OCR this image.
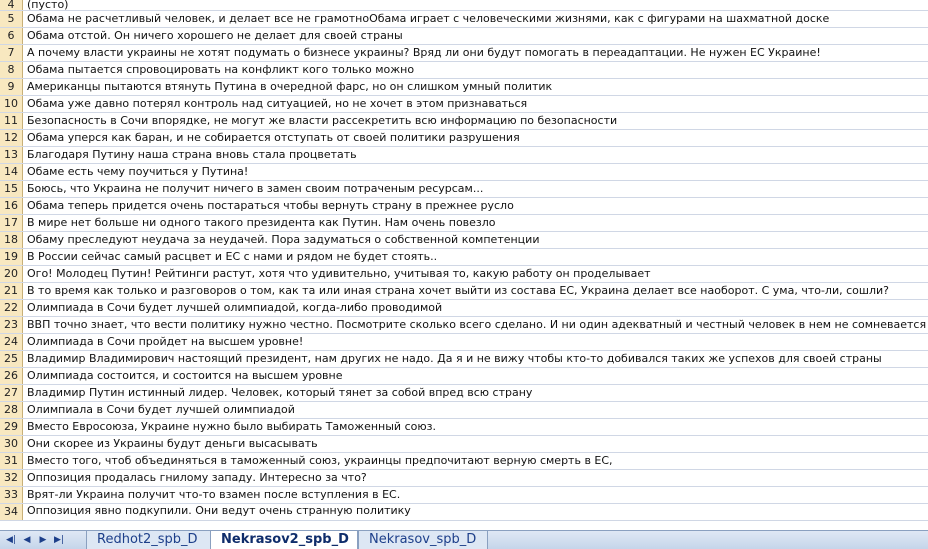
4	(пусто)
5	Обама не расчетливый человек, и делает все не грамотноОбама играет с человеческими жизнями, как с фигурами на шахматной доске
6	Обама отстой. Он ничего хорошего не делает для своей страны
7	А почему власти украины не хотят подумать о бизнесе украины? Вряд ли они будут помогать в переадаптации. Не нужен ЕС Украине!
8	Обама пытается спровоцировать на конфликт кого только можно
9	Американцы пытаются втянуть Путина в очередной фарс, но он слишком умный политик
10 Обама уже давно потерял контроль над ситуацией, но не хочет в этом признаваться
11 Безопасноcть в Сочи впорядке, не могут же власти рассекретить всю информацию по безопасности
12 Обама уперся как баран, и не собирается отступать от своей политики разрушения
13 Благодаря Путину наша страна вновь стала процветать
14 Обаме есть чему поучиться у Путина!
15 Боюсь, что Украина не получит ничего в замен своим потраченым ресурсам...
16 Обама теперь придется очень постараться чтобы вернуть страну в прежнее русло
17 В мире нет больше ни одного такого президента как Путин. Нам очень повезло
18 Обаму преследуют неудача за неудачей. Пора задуматься о собственной компетенции
19 В России сейчас самый расцвет и ЕС с нами и рядом не будет стоять..
20 Ого! Молодец Путин! Рейтинги растут, хотя что удивительно, учитывая то, какую работу он проделывает
21 В то время как только и разговоров о том, как та или иная страна хочет выйти из состава ЕС, Украина делает все наоборот. С ума, что-ли, сошли?
22 Олимпиада в Сочи будет лучшей олимпиадой, когда-либо проводимой
23 ВВП точно знает, что вести политику нужно честно. Посмотрите сколько всего сделано. И ни один адекватный и честный человек в нем не сомневается
24 Олимпиада в Сочи пройдет на высшем уровне!
25 Владимир Владимирович настоящий президент, нам других не надо. Да я и не вижу чтобы кто-то добивался таких же успехов для своей страны
26 Олимпиада состоится, и состоится на высшем уровне
27 Владимир Путин истинный лидер. Человек, который тянет за собой впред всю страну
28 Олимпиала в Сочи будет лучшей олимпиадой
29 Вместо Евросоюза, Украине нужно было выбирать Таможенный союз.
30 Они скорее из Украины будут деньги высасывать
31 Вместо того, чтоб объединяться в таможенный союз, украинцы предпочитают верную смерть в ЕС,
32 Оппозиция продалась гнилому западу. Интересно за что?
33 Врят-ли Украина получит что-то взамен после вступления в ЕС.
34 Оппозиция явно подкупили. Они ведут очень странную политику
◀| ◀	▶ ▶|	Redhot2_spb_D	Nekrasov2_spb_D	Nekrasov_spb_D
